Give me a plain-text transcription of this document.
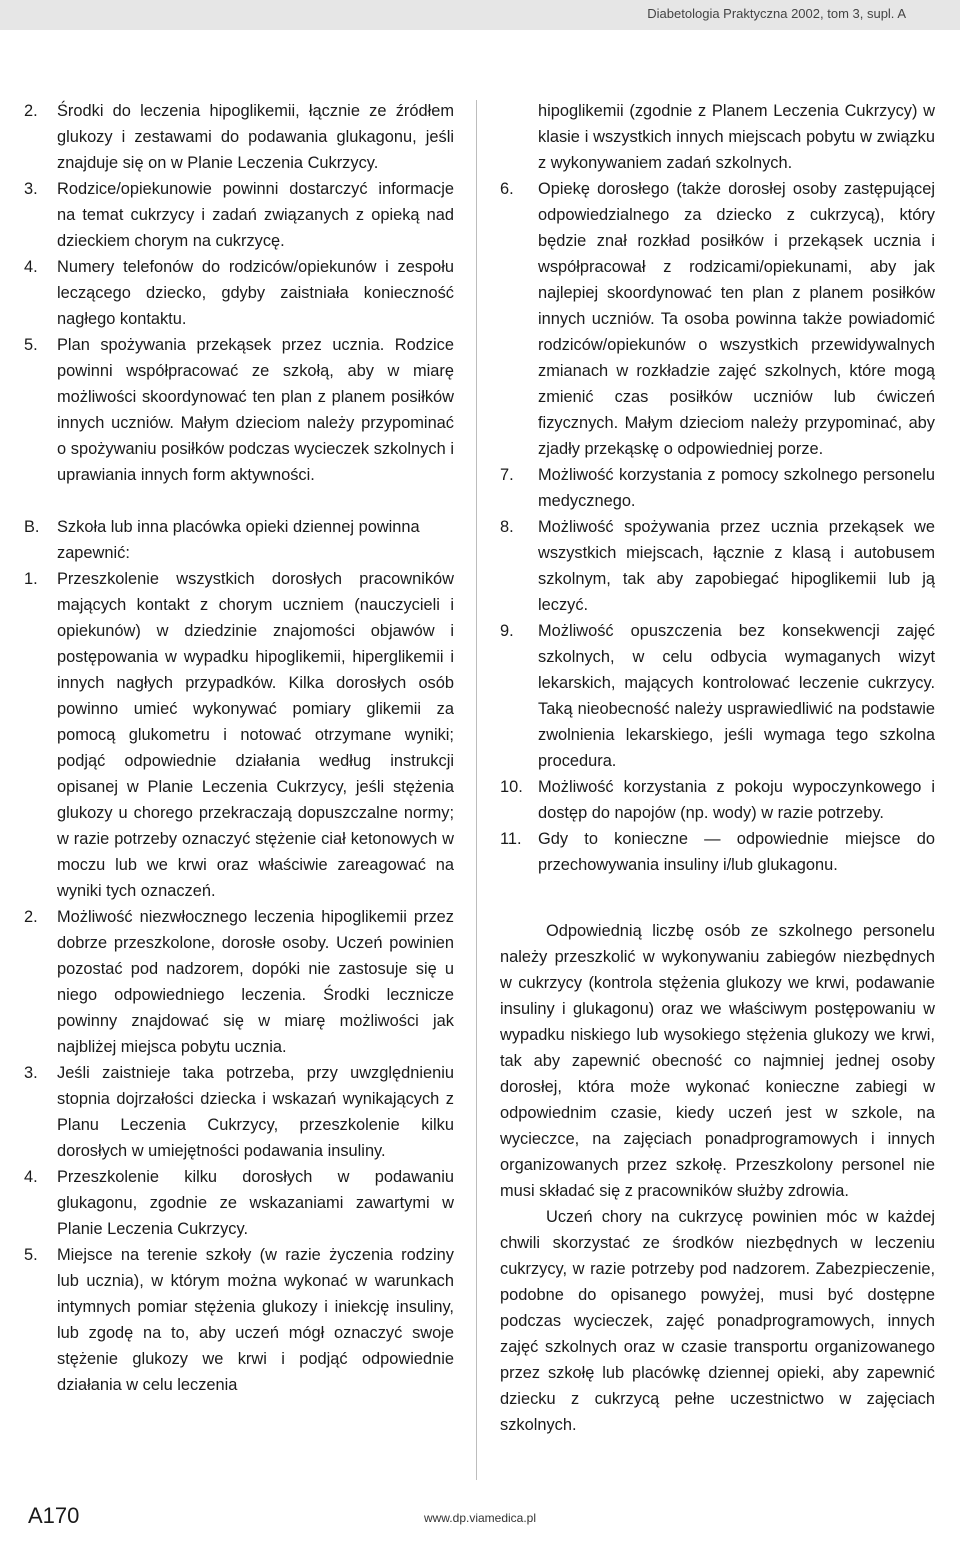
Diabetologia Praktyczna 2002, tom 3, supl. A
2. Środki do leczenia hipoglikemii, łącznie ze źródłem glukozy i zestawami do podawania glukagonu, jeśli znajduje się on w Planie Leczenia Cukrzycy.
3. Rodzice/opiekunowie powinni dostarczyć informacje na temat cukrzycy i zadań związanych z opieką nad dzieckiem chorym na cukrzycę.
4. Numery telefonów do rodziców/opiekunów i zespołu leczącego dziecko, gdyby zaistniała konieczność nagłego kontaktu.
5. Plan spożywania przekąsek przez ucznia. Rodzice powinni współpracować ze szkołą, aby w miarę możliwości skoordynować ten plan z planem posiłków innych uczniów. Małym dzieciom należy przypominać o spożywaniu posiłków podczas wycieczek szkolnych i uprawiania innych form aktywności.
B. Szkoła lub inna placówka opieki dziennej powinna zapewnić:
1. Przeszkolenie wszystkich dorosłych pracowników mających kontakt z chorym uczniem (nauczycieli i opiekunów) w dziedzinie znajomości objawów i postępowania w wypadku hipoglikemii, hiperglikemii i innych nagłych przypadków. Kilka dorosłych osób powinno umieć wykonywać pomiary glikemii za pomocą glukometru i notować otrzymane wyniki; podjąć odpowiednie działania według instrukcji opisanej w Planie Leczenia Cukrzycy, jeśli stężenia glukozy u chorego przekraczają dopuszczalne normy; w razie potrzeby oznaczyć stężenie ciał ketonowych w moczu lub we krwi oraz właściwie zareagować na wyniki tych oznaczeń.
2. Możliwość niezwłocznego leczenia hipoglikemii przez dobrze przeszkolone, dorosłe osoby. Uczeń powinien pozostać pod nadzorem, dopóki nie zastosuje się u niego odpowiedniego leczenia. Środki lecznicze powinny znajdować się w miarę możliwości jak najbliżej miejsca pobytu ucznia.
3. Jeśli zaistnieje taka potrzeba, przy uwzględnieniu stopnia dojrzałości dziecka i wskazań wynikających z Planu Leczenia Cukrzycy, przeszkolenie kilku dorosłych w umiejętności podawania insuliny.
4. Przeszkolenie kilku dorosłych w podawaniu glukagonu, zgodnie ze wskazaniami zawartymi w Planie Leczenia Cukrzycy.
5. Miejsce na terenie szkoły (w razie życzenia rodziny lub ucznia), w którym można wykonać w warunkach intymnych pomiar stężenia glukozy i iniekcję insuliny, lub zgodę na to, aby uczeń mógł oznaczyć swoje stężenie glukozy we krwi i podjąć odpowiednie działania w celu leczenia

hipoglikemii (zgodnie z Planem Leczenia Cukrzycy) w klasie i wszystkich innych miejscach pobytu w związku z wykonywaniem zadań szkolnych.

6. Opiekę dorosłego (także dorosłej osoby zastępującej odpowiedzialnego za dziecko z cukrzycą), który będzie znał rozkład posiłków i przekąsek ucznia i współpracował z rodzicami/opiekunami, aby jak najlepiej skoordynować ten plan z planem posiłków innych uczniów. Ta osoba powinna także powiadomić rodziców/opiekunów o wszystkich przewidywalnych zmianach w rozkładzie zajęć szkolnych, które mogą zmienić czas posiłków uczniów lub ćwiczeń fizycznych. Małym dzieciom należy przypominać, aby zjadły przekąskę o odpowiedniej porze.
7. Możliwość korzystania z pomocy szkolnego personelu medycznego.
8. Możliwość spożywania przez ucznia przekąsek we wszystkich miejscach, łącznie z klasą i autobusem szkolnym, tak aby zapobiegać hipoglikemii lub ją leczyć.
9. Możliwość opuszczenia bez konsekwencji zajęć szkolnych, w celu odbycia wymaganych wizyt lekarskich, mających kontrolować leczenie cukrzycy. Taką nieobecność należy usprawiedliwić na podstawie zwolnienia lekarskiego, jeśli wymaga tego szkolna procedura.
10. Możliwość korzystania z pokoju wypoczynkowego i dostęp do napojów (np. wody) w razie potrzeby.
11. Gdy to konieczne — odpowiednie miejsce do przechowywania insuliny i/lub glukagonu.

Odpowiednią liczbę osób ze szkolnego personelu należy przeszkolić w wykonywaniu zabiegów niezbędnych w cukrzycy (kontrola stężenia glukozy we krwi, podawanie insuliny i glukagonu) oraz we właściwym postępowaniu w wypadku niskiego lub wysokiego stężenia glukozy we krwi, tak aby zapewnić obecność co najmniej jednej osoby dorosłej, która może wykonać konieczne zabiegi w odpowiednim czasie, kiedy uczeń jest w szkole, na wycieczce, na zajęciach ponadprogramowych i innych organizowanych przez szkołę. Przeszkolony personel nie musi składać się z pracowników służby zdrowia.

Uczeń chory na cukrzycę powinien móc w każdej chwili skorzystać ze środków niezbędnych w leczeniu cukrzycy, w razie potrzeby pod nadzorem. Zabezpieczenie, podobne do opisanego powyżej, musi być dostępne podczas wycieczek, zajęć ponadprogramowych, innych zajęć szkolnych oraz w czasie transportu organizowanego przez szkołę lub placówkę dziennej opieki, aby zapewnić dziecku z cukrzycą pełne uczestnictwo w zajęciach szkolnych.

A170	www.dp.viamedica.pl
